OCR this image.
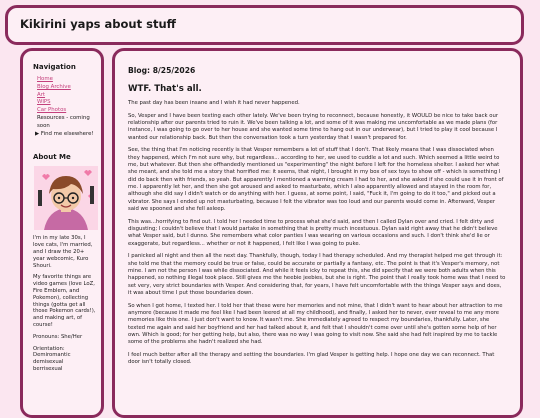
Kikirini yaps about stuff
Navigation
Home
Blog Archive
Art
WIPS
Car Photos
Resources - coming soon
▶ Find me elsewhere!
About Me

I'm in my late 30s, I love cats, I'm married, and I draw the 20+ year webcomic, Kuro Shouri.

My favorite things are video games (love LoZ, Fire Emblem, and Pokemon), collecting things (gotta get all those Pokemon cards!), and making art, of course!

Pronouns: She/Her

Orientation:
Demiromantic
demisexual
berrisexual

Blog: 8/25/2026
WTF. That's all.

The past day has been insane and I wish it had never happened.

So, Vesper and I have been texting each other lately. We've been trying to reconnect, because honestly, it WOULD be nice to take back our relationship after our parents tried to ruin it. We've been talking a lot, and some of it was making me uncomfortable as we made plans (for instance, I was going to go over to her house and she wanted some time to hang out in our underwear), but I tried to play it cool because I wanted our relationship back. But then the conversation took a turn yesterday that I wasn't prepared for.

See, the thing that I'm noticing recently is that Vesper remembers a lot of stuff that I don't. That likely means that I was dissociated when they happened, which I'm not sure why, but regardless... according to her, we used to cuddle a lot and such. Which seemed a little weird to me, but whatever. But then she offhandedly mentioned us "experimenting" the night before I left for the homeless shelter. I asked her what she meant, and she told me a story that horrified me: it seems, that night, I brought in my box of sex toys to show off - which is something I did do back then with friends, so yeah. But apparently I mentioned a warming cream I had to her, and she asked if she could use it in front of me. I apparently let her, and then she got aroused and asked to masturbate, which I also apparently allowed and stayed in the room for, although she did say I didn't watch or do anything with her. I guess, at some point, I said, "Fuck it, I'm going to do it too," and picked out a vibrator. She says I ended up not masturbating, because I felt the vibrator was too loud and our parents would come in. Afterward, Vesper said we spooned and she fell asleep.

This was...horrifying to find out. I told her I needed time to process what she'd said, and then I called Dylan over and cried. I felt dirty and disgusting; I couldn't believe that I would partake in something that is pretty much incestuous. Dylan said right away that he didn't believe what Vesper said, but I dunno. She remembers what color panties I was wearing on various occasions and such. I don't think she'd lie or exaggerate, but regardless... whether or not it happened, I felt like I was going to puke.

I panicked all night and then all the next day. Thankfully, though, today I had therapy scheduled. And my therapist helped me get through it: she told me that the memory could be true or false, could be accurate or partially a fantasy, etc. The point is that it's Vesper's memory, not mine. I am not the person I was while dissociated. And while it feels icky to repeat this, she did specify that we were both adults when this happened, so nothing illegal took place. Still gives me the heebie jeebies, but she is right. The point that I really took home was that I need to set very, very strict boundaries with Vesper. And considering that, for years, I have felt uncomfortable with the things Vesper says and does, it was about time I put those boundaries down.

So when I got home, I texted her. I told her that these were her memories and not mine, that I didn't want to hear about her attraction to me anymore (because it made me feel like I had been leered at all my childhood), and finally, I asked her to never, ever reveal to me any more memories like this one. I just don't want to know. It wasn't me. She immediately agreed to respect my boundaries, thankfully. Later, she texted me again and said her boyfriend and her had talked about it, and felt that I shouldn't come over until she's gotten some help of her own. Which is good; for her getting help, but also, there was no way I was going to visit now. She said she had felt inspired by me to tackle some of the problems she hadn't realized she had.

I feel much better after all the therapy and setting the boundaries. I'm glad Vesper is getting help. I hope one day we can reconnect. That door isn't totally closed.
